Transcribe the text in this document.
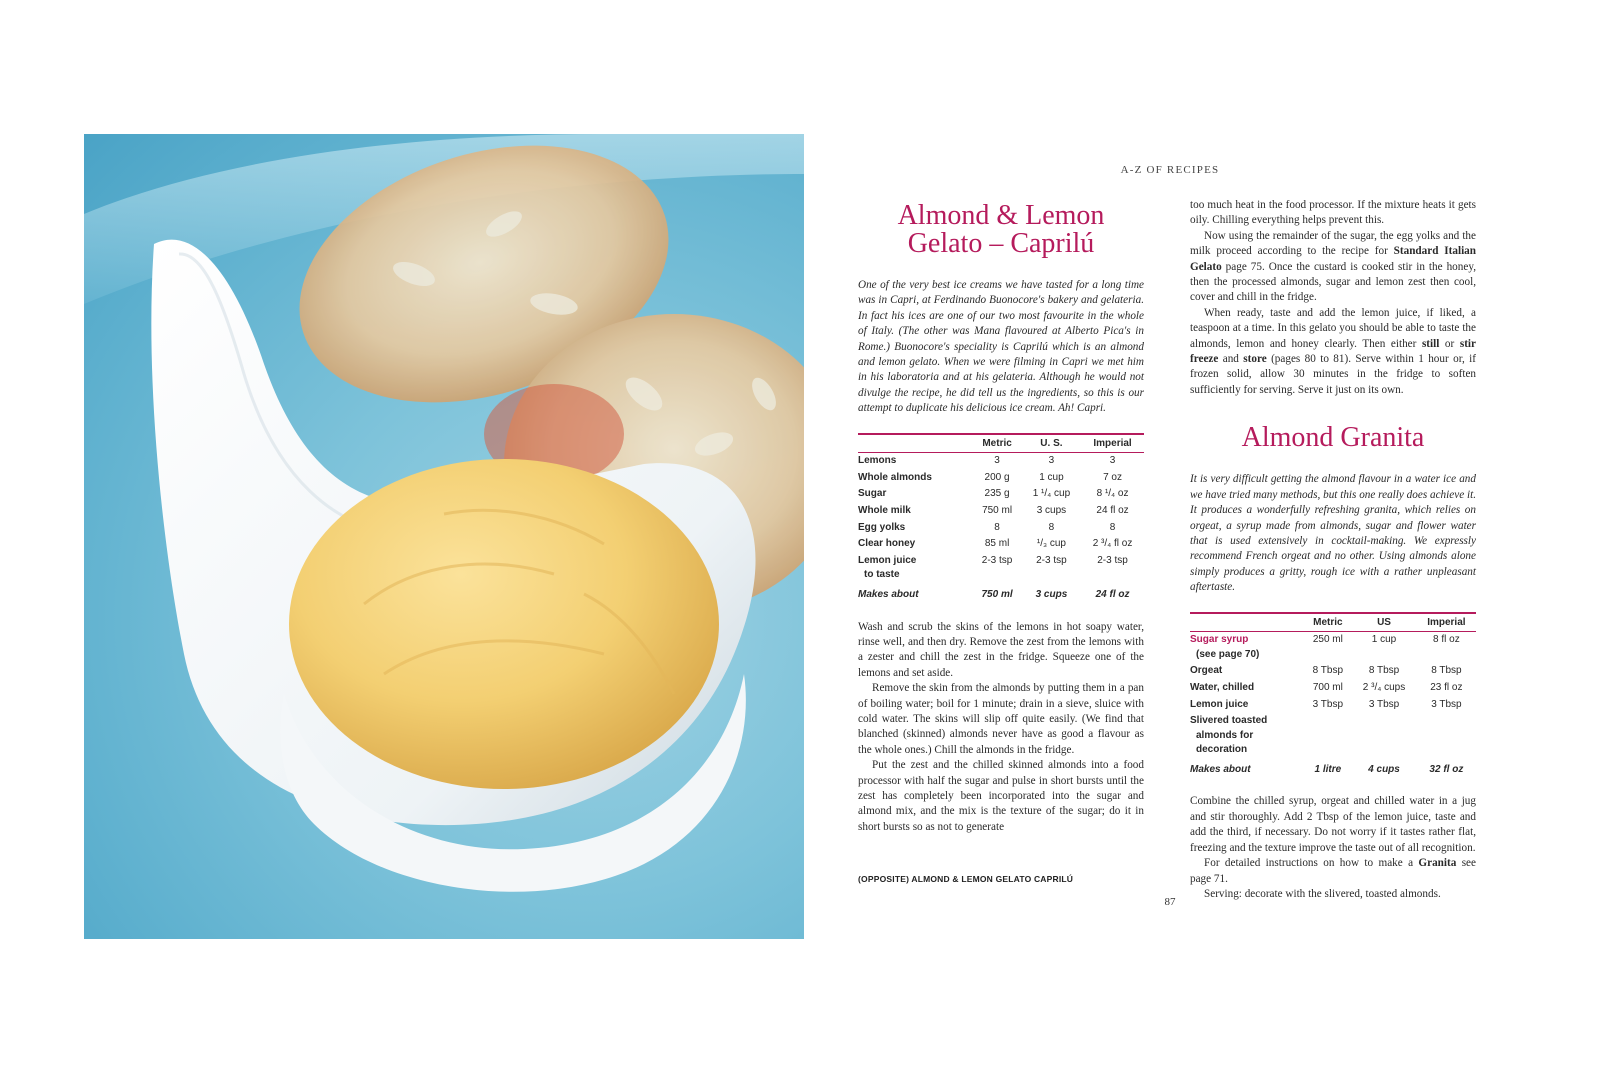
A-Z OF RECIPES
Almond & Lemon Gelato – Caprilú

One of the very best ice creams we have tasted for a long time was in Capri, at Ferdinando Buonocore's bakery and gelateria. In fact his ices are one of our two most favourite in the whole of Italy. (The other was Mana flavoured at Alberto Pica's in Rome.) Buonocore's speciality is Caprilú which is an almond and lemon gelato. When we were filming in Capri we met him in his laboratoria and at his gelateria. Although he would not divulge the recipe, he did tell us the ingredients, so this is our attempt to duplicate his delicious ice cream. Ah! Capri.

	Metric	U. S.	Imperial
Lemons	3	3	3
Whole almonds	200 g	1 cup	7 oz
Sugar	235 g	1 ¹/₄ cup	8 ¹/₄ oz
Whole milk	750 ml	3 cups	24 fl oz
Egg yolks	8	8	8
Clear honey	85 ml	¹/₃ cup	2 ³/₄ fl oz
Lemon juice
to taste	2-3 tsp	2-3 tsp	2-3 tsp
Makes about	750 ml	3 cups	24 fl oz

Wash and scrub the skins of the lemons in hot soapy water, rinse well, and then dry. Remove the zest from the lemons with a zester and chill the zest in the fridge. Squeeze one of the lemons and set aside.

Remove the skin from the almonds by putting them in a pan of boiling water; boil for 1 minute; drain in a sieve, sluice with cold water. The skins will slip off quite easily. (We find that blanched (skinned) almonds never have as good a flavour as the whole ones.) Chill the almonds in the fridge.

Put the zest and the chilled skinned almonds into a food processor with half the sugar and pulse in short bursts until the zest has completely been incorporated into the sugar and almond mix, and the mix is the texture of the sugar; do it in short bursts so as not to generate

too much heat in the food processor. If the mixture heats it gets oily. Chilling everything helps prevent this.

Now using the remainder of the sugar, the egg yolks and the milk proceed according to the recipe for Standard Italian Gelato page 75. Once the custard is cooked stir in the honey, then the processed almonds, sugar and lemon zest then cool, cover and chill in the fridge.

When ready, taste and add the lemon juice, if liked, a teaspoon at a time. In this gelato you should be able to taste the almonds, lemon and honey clearly. Then either still or stir freeze and store (pages 80 to 81). Serve within 1 hour or, if frozen solid, allow 30 minutes in the fridge to soften sufficiently for serving. Serve it just on its own.

Almond Granita

It is very difficult getting the almond flavour in a water ice and we have tried many methods, but this one really does achieve it. It produces a wonderfully refreshing granita, which relies on orgeat, a syrup made from almonds, sugar and flower water that is used extensively in cocktail-making. We expressly recommend French orgeat and no other. Using almonds alone simply produces a gritty, rough ice with a rather unpleasant aftertaste.

	Metric	US	Imperial
Sugar syrup
(see page 70)	250 ml	1 cup	8 fl oz
Orgeat	8 Tbsp	8 Tbsp	8 Tbsp
Water, chilled	700 ml	2 ³/₄ cups	23 fl oz
Lemon juice	3 Tbsp	3 Tbsp	3 Tbsp
Slivered toasted
almonds for decoration			

Makes about	1 litre	4 cups	32 fl oz

Combine the chilled syrup, orgeat and chilled water in a jug and stir thoroughly. Add 2 Tbsp of the lemon juice, taste and add the third, if necessary. Do not worry if it tastes rather flat, freezing and the texture improve the taste out of all recognition.

For detailed instructions on how to make a Granita see page 71.

Serving: decorate with the slivered, toasted almonds.

(OPPOSITE) ALMOND & LEMON GELATO CAPRILÚ
87
